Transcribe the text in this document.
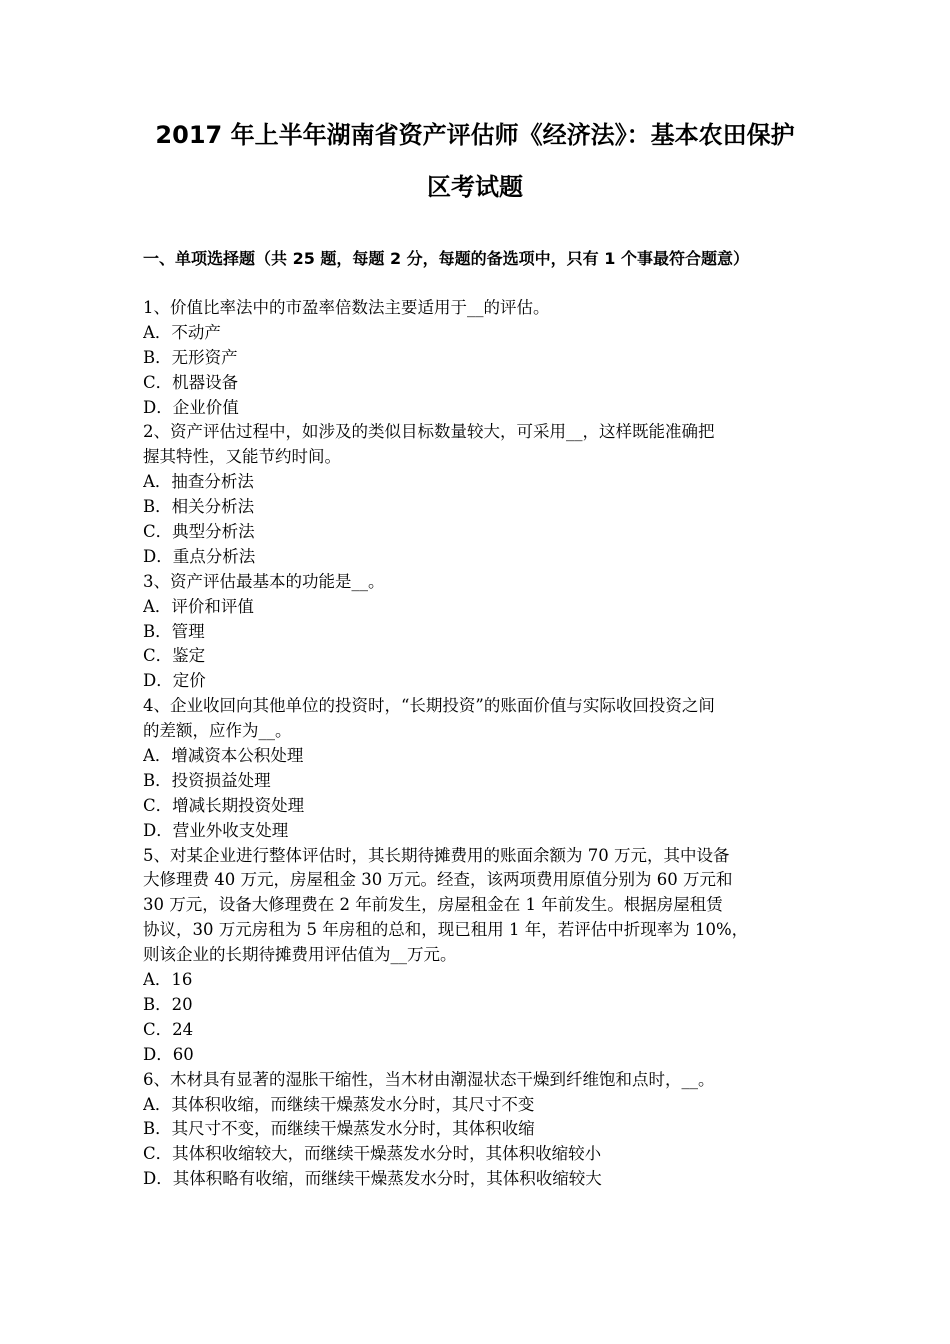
2017 年上半年湖南省资产评估师《经济法》：基本农田保护
区考试题
一、单项选择题（共 25 题，每题 2 分，每题的备选项中，只有 1 个事最符合题意）
1、价值比率法中的市盈率倍数法主要适用于__的评估。
A．不动产
B．无形资产
C．机器设备
D．企业价值
2、资产评估过程中，如涉及的类似目标数量较大，可采用__，这样既能准确把
握其特性，又能节约时间。
A．抽查分析法
B．相关分析法
C．典型分析法
D．重点分析法
3、资产评估最基本的功能是__。
A．评价和评值
B．管理
C．鉴定
D．定价
4、企业收回向其他单位的投资时，“长期投资”的账面价值与实际收回投资之间
的差额，应作为__。
A．增减资本公积处理
B．投资损益处理
C．增减长期投资处理
D．营业外收支处理
5、对某企业进行整体评估时，其长期待摊费用的账面余额为 70 万元，其中设备
大修理费 40 万元，房屋租金 30 万元。经查，该两项费用原值分别为 60 万元和
30 万元，设备大修理费在 2 年前发生，房屋租金在 1 年前发生。根据房屋租赁
协议，30 万元房租为 5 年房租的总和，现已租用 1 年，若评估中折现率为 10%，
则该企业的长期待摊费用评估值为__万元。
A．16
B．20
C．24
D．60
6、木材具有显著的湿胀干缩性，当木材由潮湿状态干燥到纤维饱和点时，__。
A．其体积收缩，而继续干燥蒸发水分时，其尺寸不变
B．其尺寸不变，而继续干燥蒸发水分时，其体积收缩
C．其体积收缩较大，而继续干燥蒸发水分时，其体积收缩较小
D．其体积略有收缩，而继续干燥蒸发水分时，其体积收缩较大
